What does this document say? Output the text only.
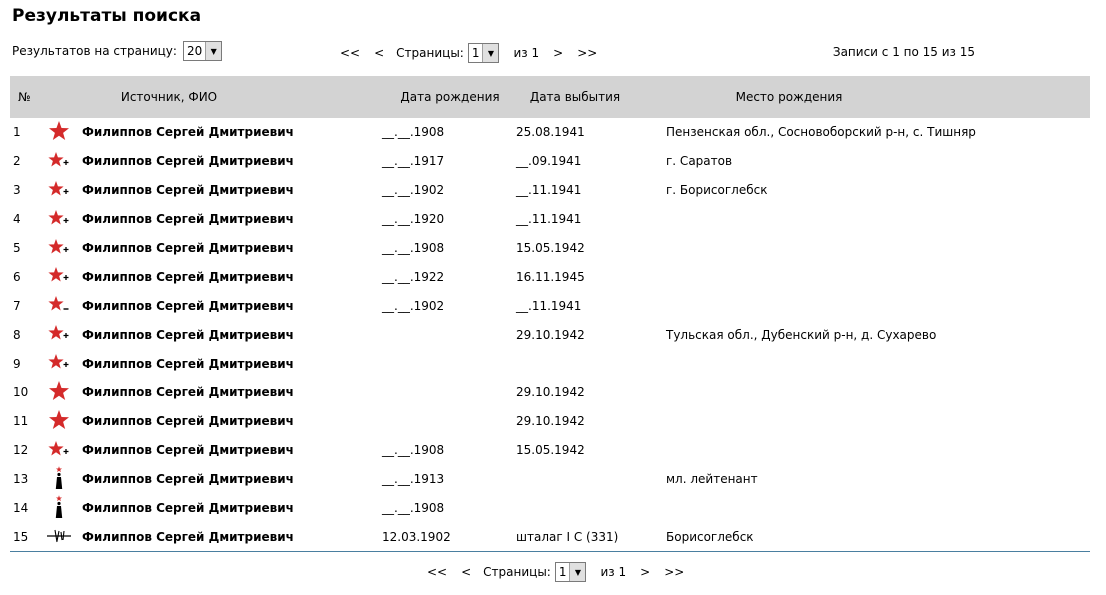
Результаты поиска
Результатов на страницу: 20	▼	<< < Страницы: 1	▼	из 1 > >>	Записи с 1 по 15 из 15
№	Источник, ФИО		Дата рождения	Дата выбытия	Место рождения
1		Филиппов Сергей Дмитриевич	__.__.1908	25.08.1941	Пензенская обл., Сосновоборский р-н, с. Тишняр
2		Филиппов Сергей Дмитриевич	__.__.1917	__.09.1941	г. Саратов
3		Филиппов Сергей Дмитриевич	__.__.1902	__.11.1941	г. Борисоглебск
4		Филиппов Сергей Дмитриевич	__.__.1920	__.11.1941	
5		Филиппов Сергей Дмитриевич	__.__.1908	15.05.1942	
6		Филиппов Сергей Дмитриевич	__.__.1922	16.11.1945	
7		Филиппов Сергей Дмитриевич	__.__.1902	__.11.1941	
8		Филиппов Сергей Дмитриевич		29.10.1942	Тульская обл., Дубенский р-н, д. Сухарево
9		Филиппов Сергей Дмитриевич			
10		Филиппов Сергей Дмитриевич		29.10.1942	
11		Филиппов Сергей Дмитриевич		29.10.1942	
12		Филиппов Сергей Дмитриевич	__.__.1908	15.05.1942	
13		Филиппов Сергей Дмитриевич	__.__.1913		мл. лейтенант
14		Филиппов Сергей Дмитриевич	__.__.1908		
15		Филиппов Сергей Дмитриевич	12.03.1902	шталаг I C (331)	Борисоглебск
<< < Страницы: 1	▼	из 1 > >>
